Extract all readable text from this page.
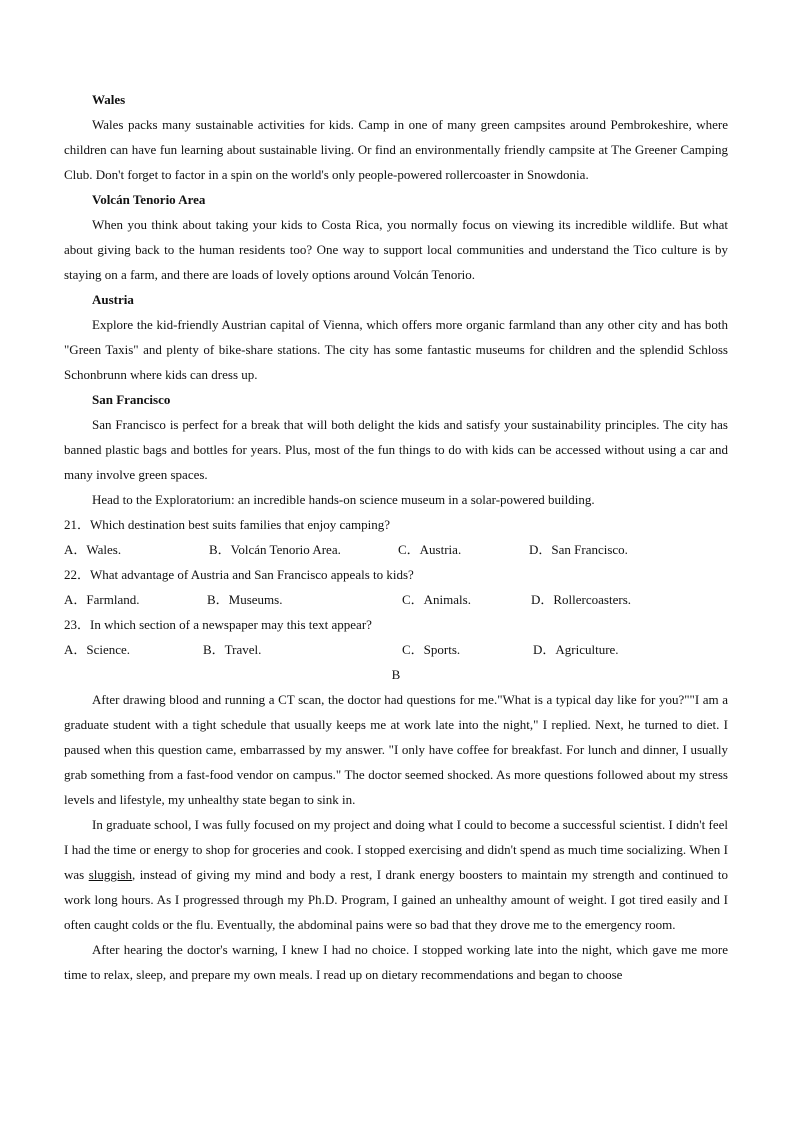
Wales

Wales packs many sustainable activities for kids. Camp in one of many green campsites around Pembrokeshire, where children can have fun learning about sustainable living. Or find an environmentally friendly campsite at The Greener Camping Club. Don't forget to factor in a spin on the world's only people-powered rollercoaster in Snowdonia.

Volcán Tenorio Area

When you think about taking your kids to Costa Rica, you normally focus on viewing its incredible wildlife. But what about giving back to the human residents too? One way to support local communities and understand the Tico culture is by staying on a farm, and there are loads of lovely options around Volcán Tenorio.

Austria

Explore the kid-friendly Austrian capital of Vienna, which offers more organic farmland than any other city and has both "Green Taxis" and plenty of bike-share stations. The city has some fantastic museums for children and the splendid Schloss Schonbrunn where kids can dress up.

San Francisco

San Francisco is perfect for a break that will both delight the kids and satisfy your sustainability principles. The city has banned plastic bags and bottles for years. Plus, most of the fun things to do with kids can be accessed without using a car and many involve green spaces.

Head to the Exploratorium: an incredible hands-on science museum in a solar-powered building.

21．Which destination best suits families that enjoy camping?

A．Wales.	B．Volcán Tenorio Area.	C．Austria.	D．San Francisco.

22．What advantage of Austria and San Francisco appeals to kids?

A．Farmland.	B．Museums.	C．Animals.	D．Rollercoasters.

23．In which section of a newspaper may this text appear?

A．Science.	B．Travel.	C．Sports.	D．Agriculture.
B

After drawing blood and running a CT scan, the doctor had questions for me."What is a typical day like for you?""I am a graduate student with a tight schedule that usually keeps me at work late into the night," I replied. Next, he turned to diet. I paused when this question came, embarrassed by my answer. "I only have coffee for breakfast. For lunch and dinner, I usually grab something from a fast-food vendor on campus." The doctor seemed shocked. As more questions followed about my stress levels and lifestyle, my unhealthy state began to sink in.

In graduate school, I was fully focused on my project and doing what I could to become a successful scientist. I didn't feel I had the time or energy to shop for groceries and cook. I stopped exercising and didn't spend as much time socializing. When I was sluggish, instead of giving my mind and body a rest, I drank energy boosters to maintain my strength and continued to work long hours. As I progressed through my Ph.D. Program, I gained an unhealthy amount of weight. I got tired easily and I often caught colds or the flu. Eventually, the abdominal pains were so bad that they drove me to the emergency room.

After hearing the doctor's warning, I knew I had no choice. I stopped working late into the night, which gave me more time to relax, sleep, and prepare my own meals. I read up on dietary recommendations and began to choose
